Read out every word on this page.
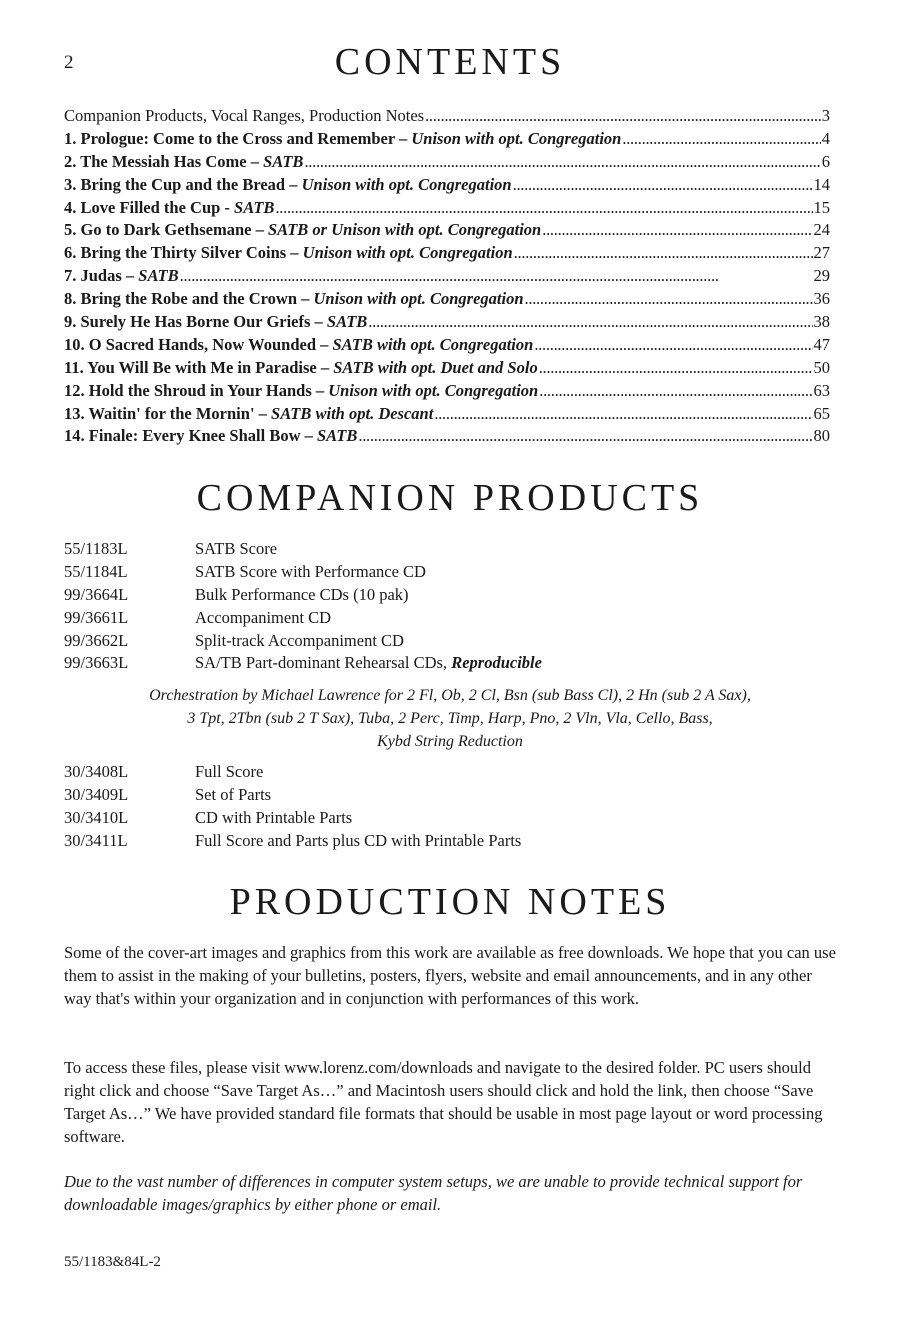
2	CONTENTS
Companion Products, Vocal Ranges, Production Notes . . .	3
1. Prologue: Come to the Cross and Remember – Unison with opt. Congregation . . .	4
2. The Messiah Has Come – SATB . . .	6
3. Bring the Cup and the Bread – Unison with opt. Congregation . . .	14
4. Love Filled the Cup - SATB . . .	15
5. Go to Dark Gethsemane – SATB or Unison with opt. Congregation . . .	24
6. Bring the Thirty Silver Coins – Unison with opt. Congregation . . .	27
7. Judas – SATB . . .	29
8. Bring the Robe and the Crown – Unison with opt. Congregation . . .	36
9. Surely He Has Borne Our Griefs – SATB . . .	38
10. O Sacred Hands, Now Wounded – SATB with opt. Congregation . . .	47
11. You Will Be with Me in Paradise – SATB with opt. Duet and Solo . . .	50
12. Hold the Shroud in Your Hands – Unison with opt. Congregation . . .	63
13. Waitin' for the Mornin' – SATB with opt. Descant . . .	65
14. Finale: Every Knee Shall Bow – SATB . . .	80
COMPANION PRODUCTS
55/1183L	SATB Score
55/1184L	SATB Score with Performance CD
99/3664L	Bulk Performance CDs (10 pak)
99/3661L	Accompaniment CD
99/3662L	Split-track Accompaniment CD
99/3663L	SA/TB Part-dominant Rehearsal CDs, Reproducible
Orchestration by Michael Lawrence for 2 Fl, Ob, 2 Cl, Bsn (sub Bass Cl), 2 Hn (sub 2 A Sax),
3 Tpt, 2Tbn (sub 2 T Sax), Tuba, 2 Perc, Timp, Harp, Pno, 2 Vln, Vla, Cello, Bass,
Kybd String Reduction
30/3408L	Full Score
30/3409L	Set of Parts
30/3410L	CD with Printable Parts
30/3411L	Full Score and Parts plus CD with Printable Parts
PRODUCTION NOTES

Some of the cover-art images and graphics from this work are available as free downloads. We hope that you can use them to assist in the making of your bulletins, posters, flyers, website and email announcements, and in any other way that's within your organization and in conjunction with performances of this work.

To access these files, please visit www.lorenz.com/downloads and navigate to the desired folder. PC users should right click and choose “Save Target As…” and Macintosh users should click and hold the link, then choose “Save Target As…” We have provided standard file formats that should be usable in most page layout or word processing software.

Due to the vast number of differences in computer system setups, we are unable to provide technical support for downloadable images/graphics by either phone or email.

55/1183&84L-2
